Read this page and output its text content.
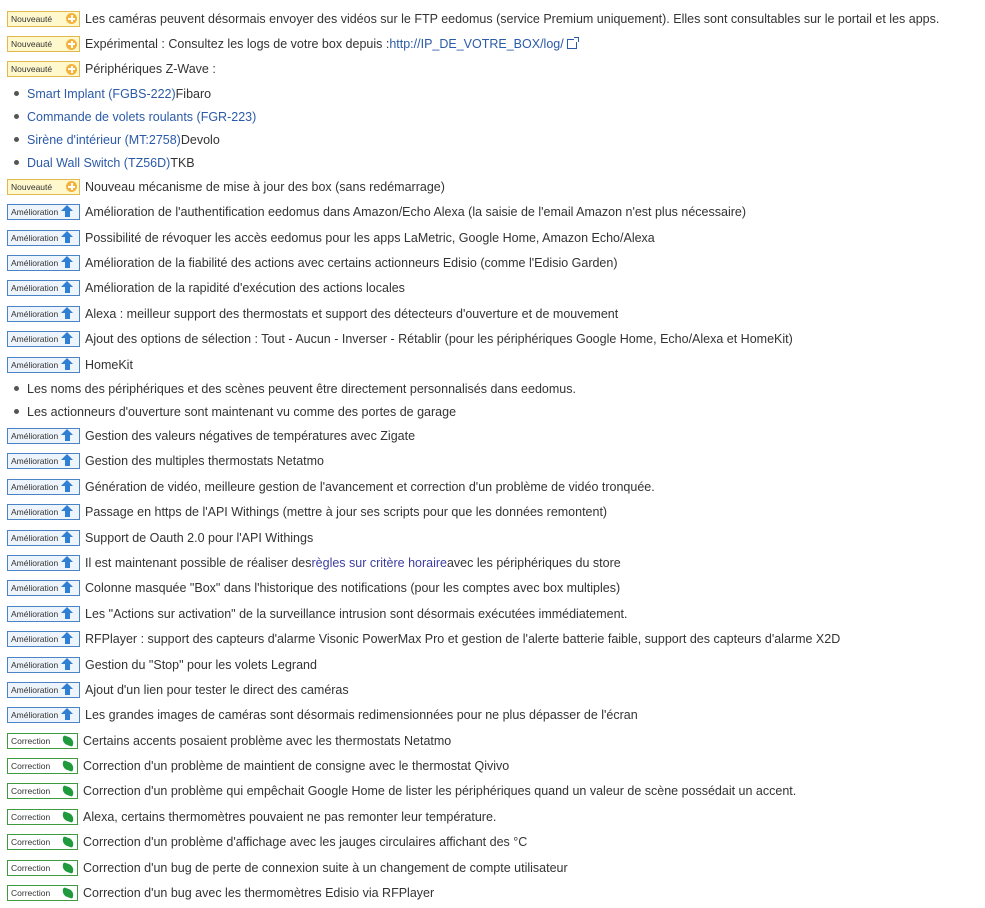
Nouveauté	Les caméras peuvent désormais envoyer des vidéos sur le FTP eedomus (service Premium uniquement). Elles sont consultables sur le portail et les apps.
Nouveauté	Expérimental : Consultez les logs de votre box depuis : http://IP_DE_VOTRE_BOX/log/
Nouveauté	Périphériques Z-Wave :
Smart Implant (FGBS-222) Fibaro
Commande de volets roulants (FGR-223)
Sirène d'intérieur (MT:2758) Devolo
Dual Wall Switch (TZ56D) TKB
Nouveauté	Nouveau mécanisme de mise à jour des box (sans redémarrage)
Amélioration Amélioration de l'authentification eedomus dans Amazon/Echo Alexa (la saisie de l'email Amazon n'est plus nécessaire)
Amélioration Possibilité de révoquer les accès eedomus pour les apps LaMetric, Google Home, Amazon Echo/Alexa
Amélioration Amélioration de la fiabilité des actions avec certains actionneurs Edisio (comme l'Edisio Garden)
Amélioration Amélioration de la rapidité d'exécution des actions locales
Amélioration Alexa : meilleur support des thermostats et support des détecteurs d'ouverture et de mouvement
Amélioration Ajout des options de sélection : Tout - Aucun - Inverser - Rétablir (pour les périphériques Google Home, Echo/Alexa et HomeKit)
Amélioration HomeKit
Les noms des périphériques et des scènes peuvent être directement personnalisés dans eedomus.
Les actionneurs d'ouverture sont maintenant vu comme des portes de garage
Amélioration Gestion des valeurs négatives de températures avec Zigate
Amélioration Gestion des multiples thermostats Netatmo
Amélioration Génération de vidéo, meilleure gestion de l'avancement et correction d'un problème de vidéo tronquée.
Amélioration Passage en https de l'API Withings (mettre à jour ses scripts pour que les données remontent)
Amélioration Support de Oauth 2.0 pour l'API Withings
Amélioration Il est maintenant possible de réaliser des règles sur critère horaire avec les périphériques du store
Amélioration Colonne masquée "Box" dans l'historique des notifications (pour les comptes avec box multiples)
Amélioration Les "Actions sur activation" de la surveillance intrusion sont désormais exécutées immédiatement.
Amélioration RFPlayer : support des capteurs d'alarme Visonic PowerMax Pro et gestion de l'alerte batterie faible, support des capteurs d'alarme X2D
Amélioration Gestion du "Stop" pour les volets Legrand
Amélioration Ajout d'un lien pour tester le direct des caméras
Amélioration Les grandes images de caméras sont désormais redimensionnées pour ne plus dépasser de l'écran
Correction	Certains accents posaient problème avec les thermostats Netatmo
Correction	Correction d'un problème de maintient de consigne avec le thermostat Qivivo
Correction	Correction d'un problème qui empêchait Google Home de lister les périphériques quand un valeur de scène possédait un accent.
Correction	Alexa, certains thermomètres pouvaient ne pas remonter leur température.
Correction	Correction d'un problème d'affichage avec les jauges circulaires affichant des °C
Correction	Correction d'un bug de perte de connexion suite à un changement de compte utilisateur
Correction	Correction d'un bug avec les thermomètres Edisio via RFPlayer
